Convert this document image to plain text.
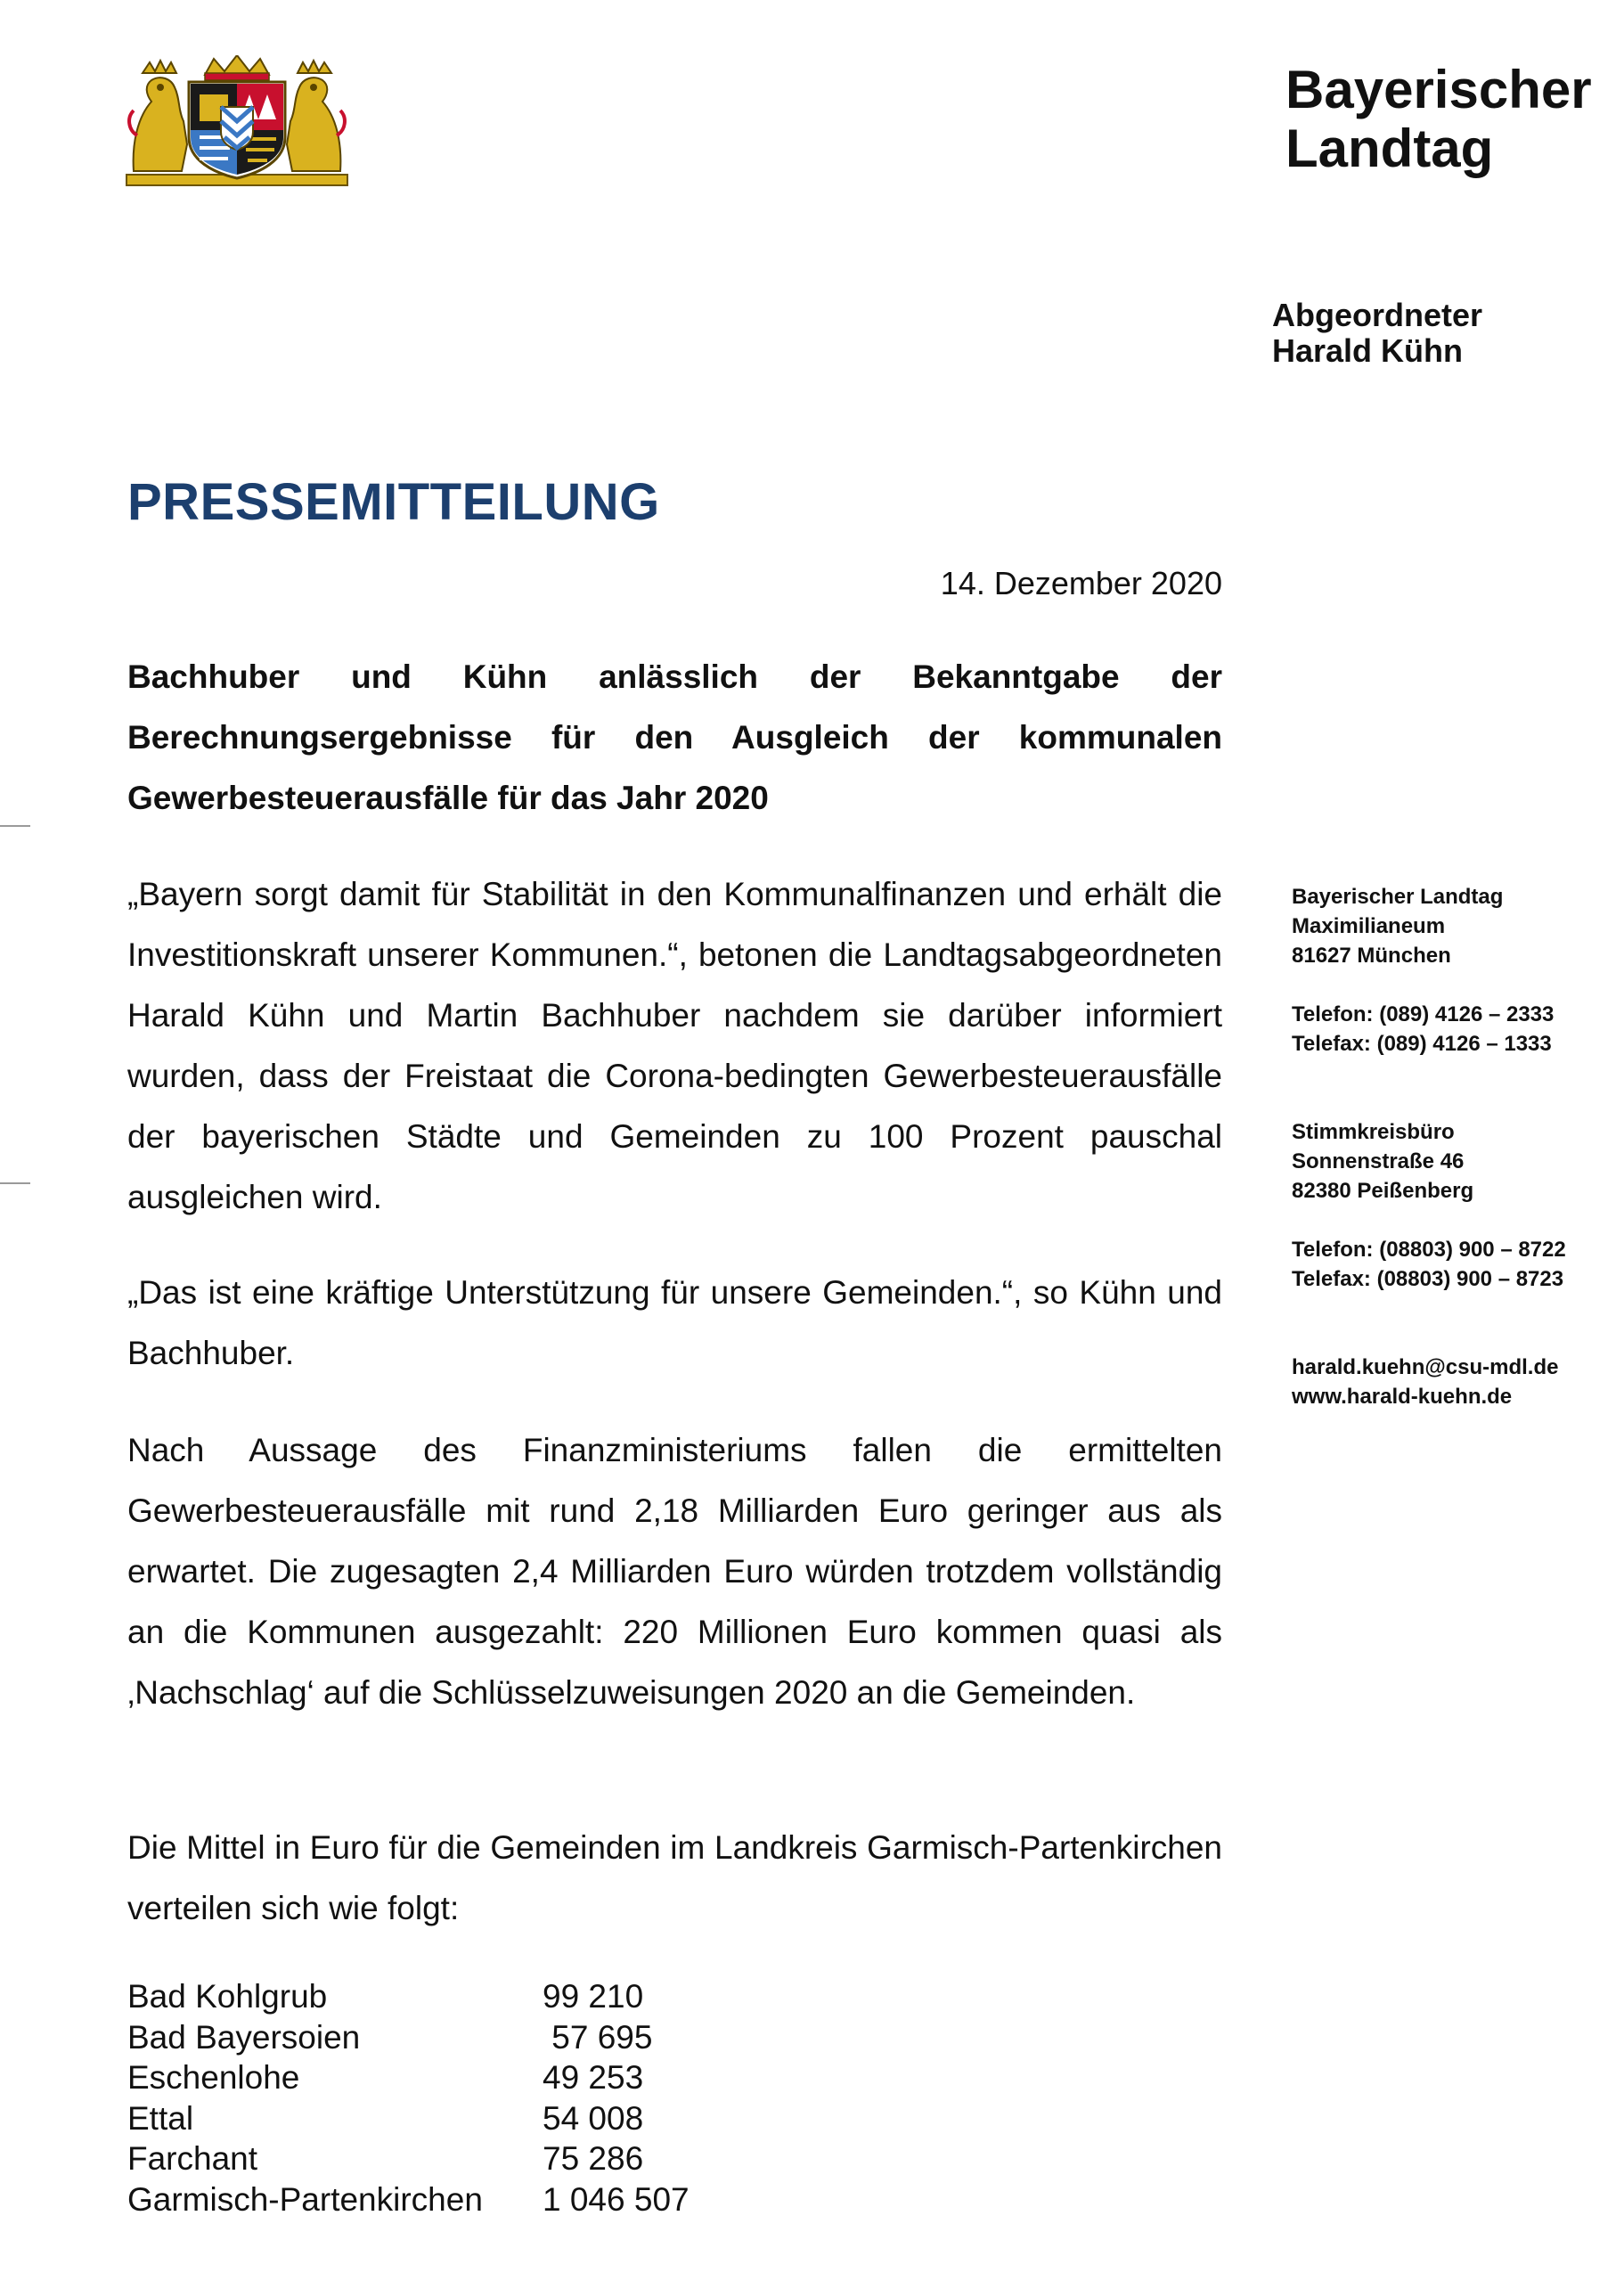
Bayerischer
Landtag
Abgeordneter
Harald Kühn
PRESSEMITTEILUNG
14. Dezember 2020
Bachhuber und Kühn anlässlich der Bekanntgabe der Berechnungsergebnisse für den Ausgleich der kommunalen Gewerbesteuerausfälle für das Jahr 2020
„Bayern sorgt damit für Stabilität in den Kommunalfinanzen und erhält die Investitionskraft unserer Kommunen.“, betonen die Landtagsabgeordneten Harald Kühn und Martin Bachhuber nachdem sie darüber informiert wurden, dass der Freistaat die Corona-bedingten Gewerbesteuerausfälle der bayerischen Städte und Gemeinden zu 100 Prozent pauschal ausgleichen wird.
„Das ist eine kräftige Unterstützung für unsere Gemeinden.“, so Kühn und Bachhuber.
Nach Aussage des Finanzministeriums fallen die ermittelten Gewerbesteuerausfälle mit rund 2,18 Milliarden Euro geringer aus als erwartet. Die zugesagten 2,4 Milliarden Euro würden trotzdem vollständig an die Kommunen ausgezahlt: 220 Millionen Euro kommen quasi als ‚Nachschlag‘ auf die Schlüsselzuweisungen 2020 an die Gemeinden.
Die Mittel in Euro für die Gemeinden im Landkreis Garmisch-Partenkirchen verteilen sich wie folgt:
Bad Kohlgrub	99 210
Bad Bayersoien	57 695
Eschenlohe	49 253
Ettal	54 008
Farchant	75 286
Garmisch-Partenkirchen	1 046 507
Bayerischer Landtag
Maximilianeum
81627 München
Telefon: (089) 4126 – 2333
Telefax: (089) 4126 – 1333
Stimmkreisbüro
Sonnenstraße 46
82380 Peißenberg
Telefon: (08803) 900 – 8722
Telefax: (08803) 900 – 8723
harald.kuehn@csu-mdl.de
www.harald-kuehn.de
